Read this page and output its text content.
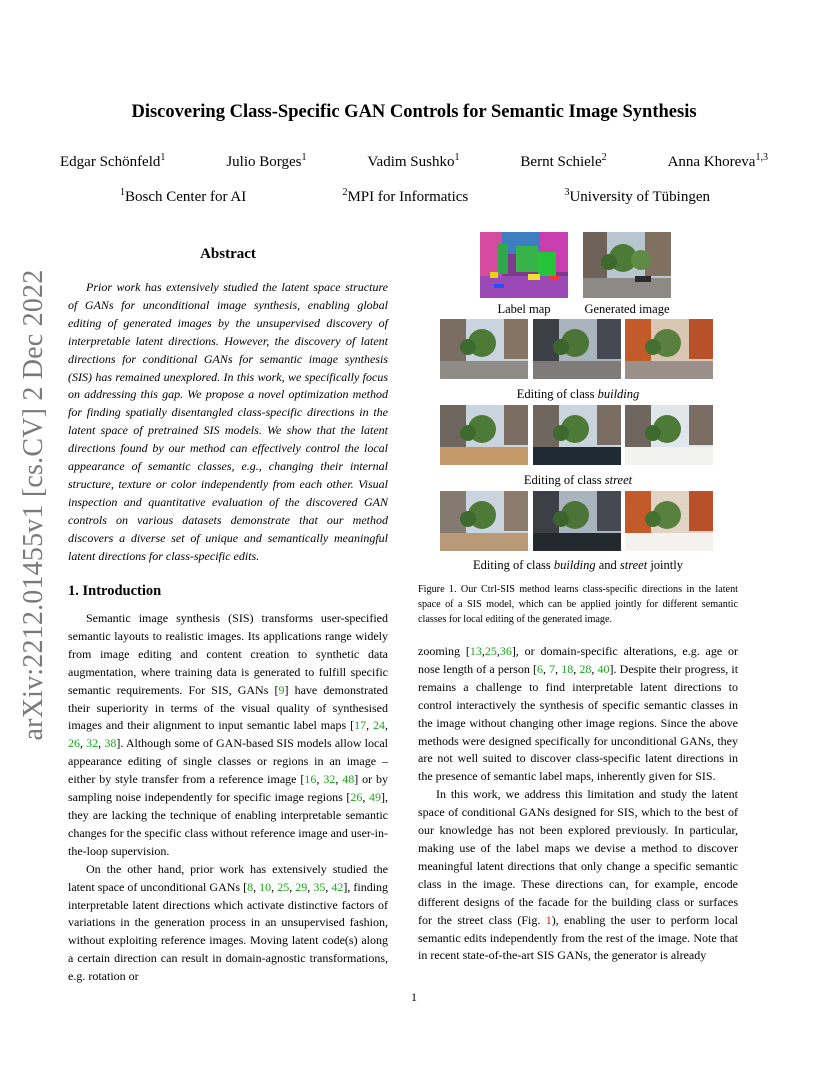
arXiv:2212.01455v1 [cs.CV] 2 Dec 2022
Discovering Class-Specific GAN Controls for Semantic Image Synthesis
Edgar Schönfeld$^1$	Julio Borges$^1$	Vadim Sushko$^1$	Bernt Schiele$^2$	Anna Khoreva$^{1,3}$
$^1$Bosch Center for AI	$^2$MPI for Informatics	$^3$University of Tübingen
Abstract
Prior work has extensively studied the latent space structure of GANs for unconditional image synthesis, enabling global editing of generated images by the unsupervised discovery of interpretable latent directions. However, the discovery of latent directions for conditional GANs for semantic image synthesis (SIS) has remained unexplored. In this work, we specifically focus on addressing this gap. We propose a novel optimization method for finding spatially disentangled class-specific directions in the latent space of pretrained SIS models. We show that the latent directions found by our method can effectively control the local appearance of semantic classes, e.g., changing their internal structure, texture or color independently from each other. Visual inspection and quantitative evaluation of the discovered GAN controls on various datasets demonstrate that our method discovers a diverse set of unique and semantically meaningful latent directions for class-specific edits.
1. Introduction

Semantic image synthesis (SIS) transforms user-specified semantic layouts to realistic images. Its applications range widely from image editing and content creation to synthetic data augmentation, where training data is generated to fulfill specific semantic requirements. For SIS, GANs [9] have demonstrated their superiority in terms of the visual quality of synthesised images and their alignment to input semantic label maps [17, 24, 26, 32, 38]. Although some of GAN-based SIS models allow local appearance editing of single classes or regions in an image – either by style transfer from a reference image [16, 32, 48] or by sampling noise independently for specific image regions [26, 49], they are lacking the technique of enabling interpretable semantic changes for the specific class without reference image and user-in-the-loop supervision.

On the other hand, prior work has extensively studied the latent space of unconditional GANs [8, 10, 25, 29, 35, 42], finding interpretable latent directions which activate distinctive factors of variations in the generation process in an unsupervised fashion, without exploiting reference images. Moving latent code(s) along a certain direction can result in domain-agnostic transformations, e.g. rotation or

Label map	Generated image
Editing of class building
Editing of class street
Editing of class building and street jointly
Figure 1. Our Ctrl-SIS method learns class-specific directions in the latent space of a SIS model, which can be applied jointly for different semantic classes for local editing of the generated image.

zooming [13,25,36], or domain-specific alterations, e.g. age or nose length of a person [6, 7, 18, 28, 40]. Despite their progress, it remains a challenge to find interpretable latent directions to control interactively the synthesis of specific semantic classes in the image without changing other image regions. Since the above methods were designed specifically for unconditional GANs, they are not well suited to discover class-specific latent directions in the presence of semantic label maps, inherently given for SIS.

In this work, we address this limitation and study the latent space of conditional GANs designed for SIS, which to the best of our knowledge has not been explored previously. In particular, making use of the label maps we devise a method to discover meaningful latent directions that only change a specific semantic class in the image. These directions can, for example, encode different designs of the facade for the building class or surfaces for the street class (Fig. 1), enabling the user to perform local semantic edits independently from the rest of the image. Note that in recent state-of-the-art SIS GANs, the generator is already

1
